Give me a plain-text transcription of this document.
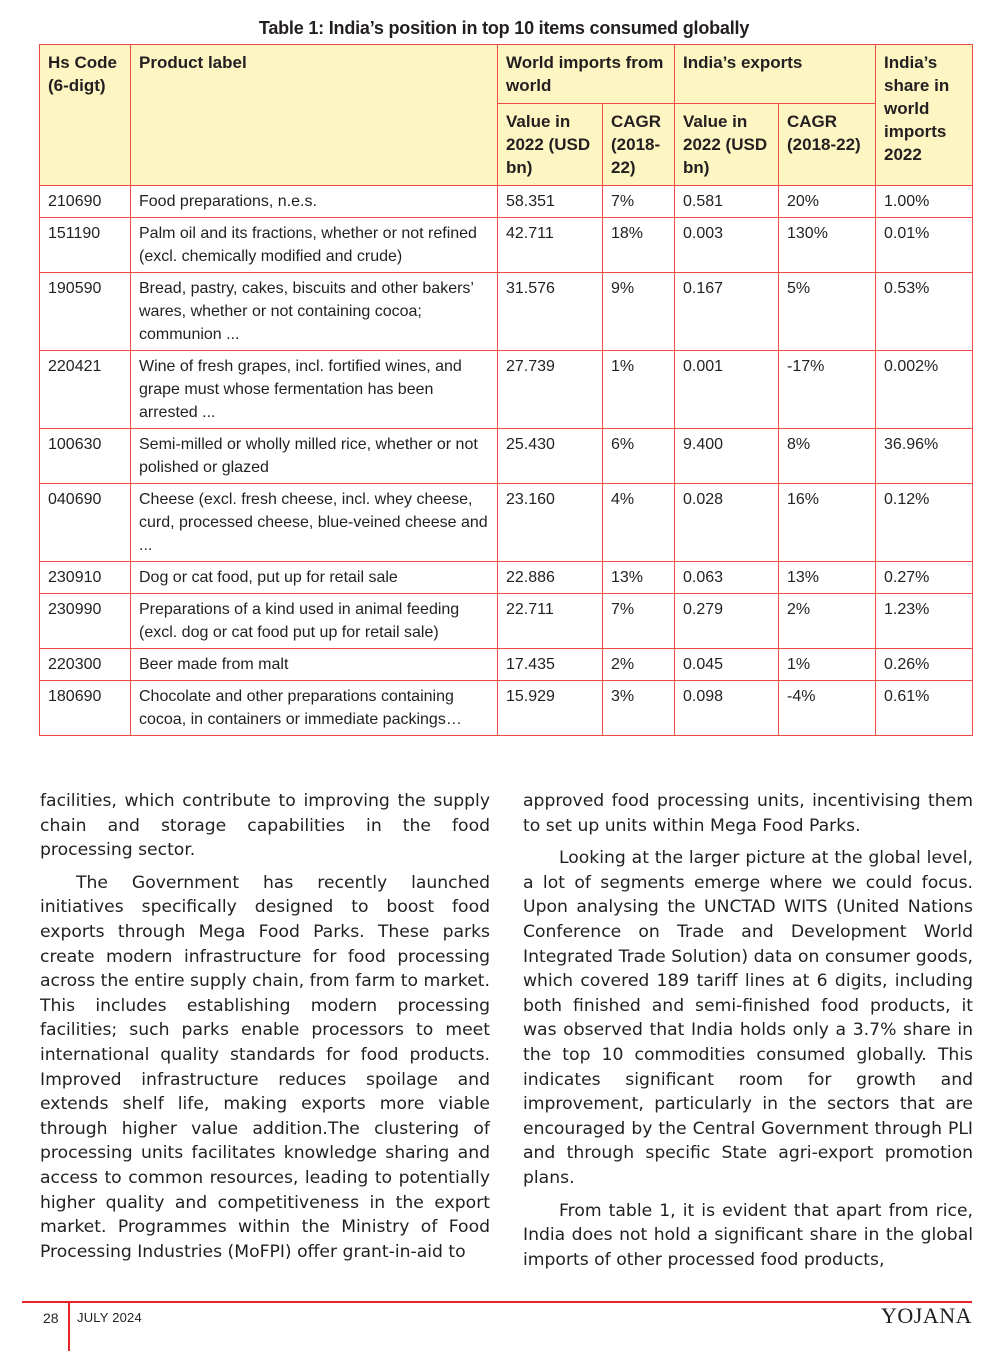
Table 1: India’s position in top 10 items consumed globally
Hs Code (6-digt)	Product label	World imports from world		India’s exports		India’s share in world imports 2022
		Value in 2022 (USD bn)	CAGR (2018-22)	Value in 2022 (USD bn)	CAGR (2018-22)	
210690	Food preparations, n.e.s.	58.351	7%	0.581	20%	1.00%
151190	Palm oil and its fractions, whether or not refined (excl. chemically modified and crude)	42.711	18%	0.003	130%	0.01%
190590	Bread, pastry, cakes, biscuits and other bakers’ wares, whether or not containing cocoa; communion ...	31.576	9%	0.167	5%	0.53%
220421	Wine of fresh grapes, incl. fortified wines, and grape must whose fermentation has been arrested ...	27.739	1%	0.001	-17%	0.002%
100630	Semi-milled or wholly milled rice, whether or not polished or glazed	25.430	6%	9.400	8%	36.96%
040690	Cheese (excl. fresh cheese, incl. whey cheese, curd, processed cheese, blue-veined cheese and ...	23.160	4%	0.028	16%	0.12%
230910	Dog or cat food, put up for retail sale	22.886	13%	0.063	13%	0.27%
230990	Preparations of a kind used in animal feeding (excl. dog or cat food put up for retail sale)	22.711	7%	0.279	2%	1.23%
220300	Beer made from malt	17.435	2%	0.045	1%	0.26%
180690	Chocolate and other preparations containing cocoa, in containers or immediate packings…	15.929	3%	0.098	-4%	0.61%

facilities, which contribute to improving the supply chain and storage capabilities in the food processing sector.

The Government has recently launched initiatives specifically designed to boost food exports through Mega Food Parks. These parks create modern infrastructure for food processing across the entire supply chain, from farm to market. This includes establishing modern processing facilities; such parks enable processors to meet international quality standards for food products. Improved infrastructure reduces spoilage and extends shelf life, making exports more viable through higher value addition.The clustering of processing units facilitates knowledge sharing and access to common resources, leading to potentially higher quality and competitiveness in the export market. Programmes within the Ministry of Food Processing Industries (MoFPI) offer grant-in-aid to

approved food processing units, incentivising them to set up units within Mega Food Parks.

Looking at the larger picture at the global level, a lot of segments emerge where we could focus. Upon analysing the UNCTAD WITS (United Nations Conference on Trade and Development World Integrated Trade Solution) data on consumer goods, which covered 189 tariff lines at 6 digits, including both finished and semi-finished food products, it was observed that India holds only a 3.7% share in the top 10 commodities consumed globally. This indicates significant room for growth and improvement, particularly in the sectors that are encouraged by the Central Government through PLI and through specific State agri-export promotion plans.

From table 1, it is evident that apart from rice, India does not hold a significant share in the global imports of other processed food products,

28 JULY 2024	YOJANA
